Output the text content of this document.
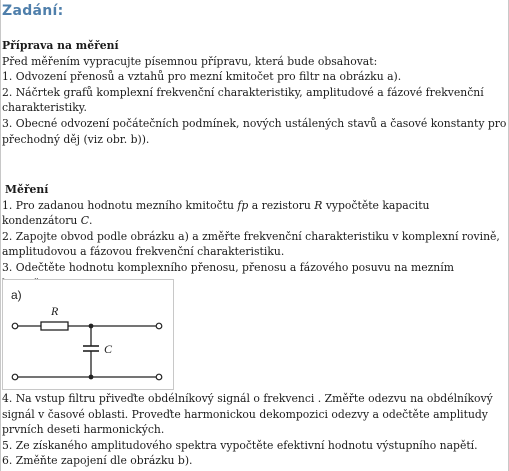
Zadání:

Příprava na měření

Před měřením vypracujte písemnou přípravu, která bude obsahovat:

1. Odvození přenosů a vztahů pro mezní kmitočet pro filtr na obrázku a).

2. Náčrtek grafů komplexní frekvenční charakteristiky, amplitudové a fázové frekvenční charakteristiky.

3. Obecné odvození počátečních podmínek, nových ustálených stavů a časové konstanty pro přechodný děj (viz obr. b)).

Měření

1. Pro zadanou hodnotu mezního kmitočtu fp a rezistoru R vypočtěte kapacitu kondenzátoru C.

2. Zapojte obvod podle obrázku a) a změřte frekvenční charakteristiku v komplexní rovině, amplitudovou a fázovou frekvenční charakteristiku.

3. Odečtěte hodnotu komplexního přenosu, přenosu a fázového posuvu na mezním

a)
R
C

4. Na vstup filtru přiveďte obdélníkový signál o frekvenci . Změřte odezvu na obdélníkový signál v časové oblasti. Proveďte harmonickou dekompozici odezvy a odečtěte amplitudy prvních deseti harmonických.

5. Ze získaného amplitudového spektra vypočtěte efektivní hodnotu výstupního napětí.

6. Změňte zapojení dle obrázku b).
